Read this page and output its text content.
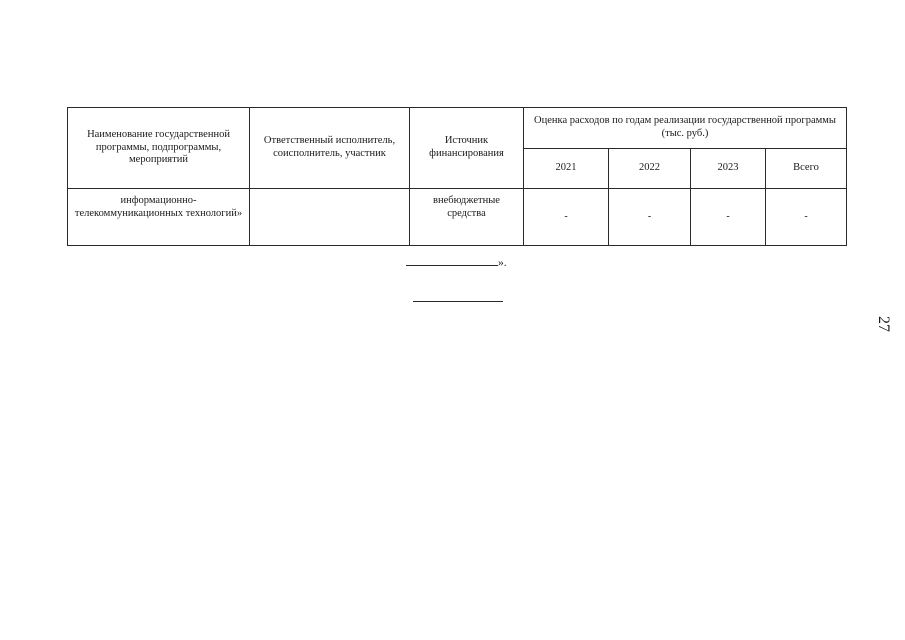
Наименование государственной программы, подпрограммы, мероприятий	Ответственный исполнитель, соисполнитель, участник	Источник финансирования	Оценка расходов по годам реализации государственной программы (тыс. руб.)			
			2021	2022	2023	Всего
информационно-телекоммуникационных технологий»		внебюджетные средства	-	-	-	-
».
27
